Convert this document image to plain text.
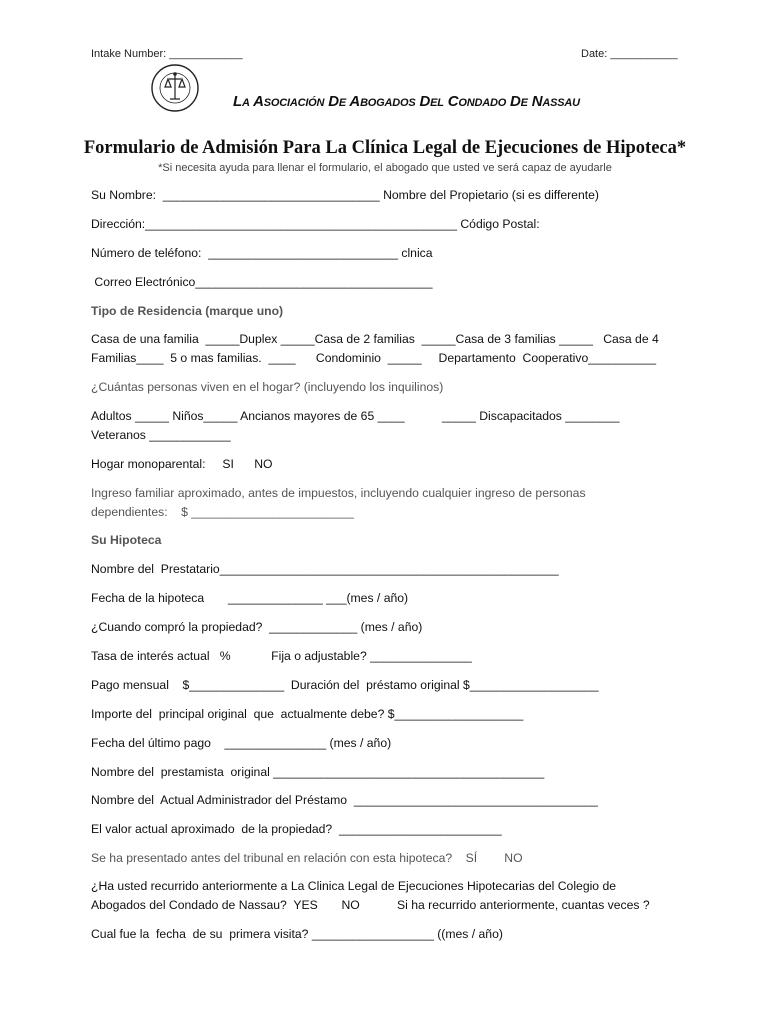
Intake Number: ____________	Date: ___________
La Asociación De Abogados Del Condado De Nassau
Formulario de Admisión Para La Clínica Legal de Ejecuciones de Hipoteca*
*Si necesita ayuda para llenar el formulario, el abogado que usted ve será capaz de ayudarle
Su Nombre:  ________________________________ Nombre del Propietario (si es differente)
Dirección:______________________________________________ Código Postal:
Número de teléfono:  ____________________________ clnica
Correo Electrónico___________________________________
Tipo de Residencia (marque uno)
Casa de una familia  _____Duplex _____Casa de 2 familias  _____Casa de 3 familias _____   Casa de 4
Familias____  5 o mas familias.  ____      Condominio  _____     Departamento  Cooperativo__________
¿Cuántas personas viven en el hogar? (incluyendo los inquilinos)
Adultos _____ Niños_____ Ancianos mayores de 65 ____           _____ Discapacitados ________
Veteranos ____________
Hogar monoparental:     SI      NO
Ingreso familiar aproximado, antes de impuestos, incluyendo cualquier ingreso de personas
dependientes:    $ ________________________
Su Hipoteca
Nombre del  Prestatario__________________________________________________
Fecha de la hipoteca       ______________ ___(mes / año)
¿Cuando compró la propiedad?  _____________ (mes / año)
Tasa de interés actual   %            Fija o adjustable? _______________
Pago mensual    $______________  Duración del  préstamo original $___________________
Importe del  principal original  que  actualmente debe? $___________________
Fecha del último pago    _______________ (mes / año)
Nombre del  prestamista  original ________________________________________
Nombre del  Actual Administrador del Préstamo  ____________________________________
El valor actual aproximado  de la propiedad?  ________________________
Se ha presentado antes del tribunal en relación con esta hipoteca?    SÍ        NO
¿Ha usted recurrido anteriormente a La Clinica Legal de Ejecuciones Hipotecarias del Colegio de
Abogados del Condado de Nassau?  YES       NO           Si ha recurrido anteriormente, cuantas veces ?
Cual fue la  fecha  de su  primera visita? __________________ ((mes / año)
